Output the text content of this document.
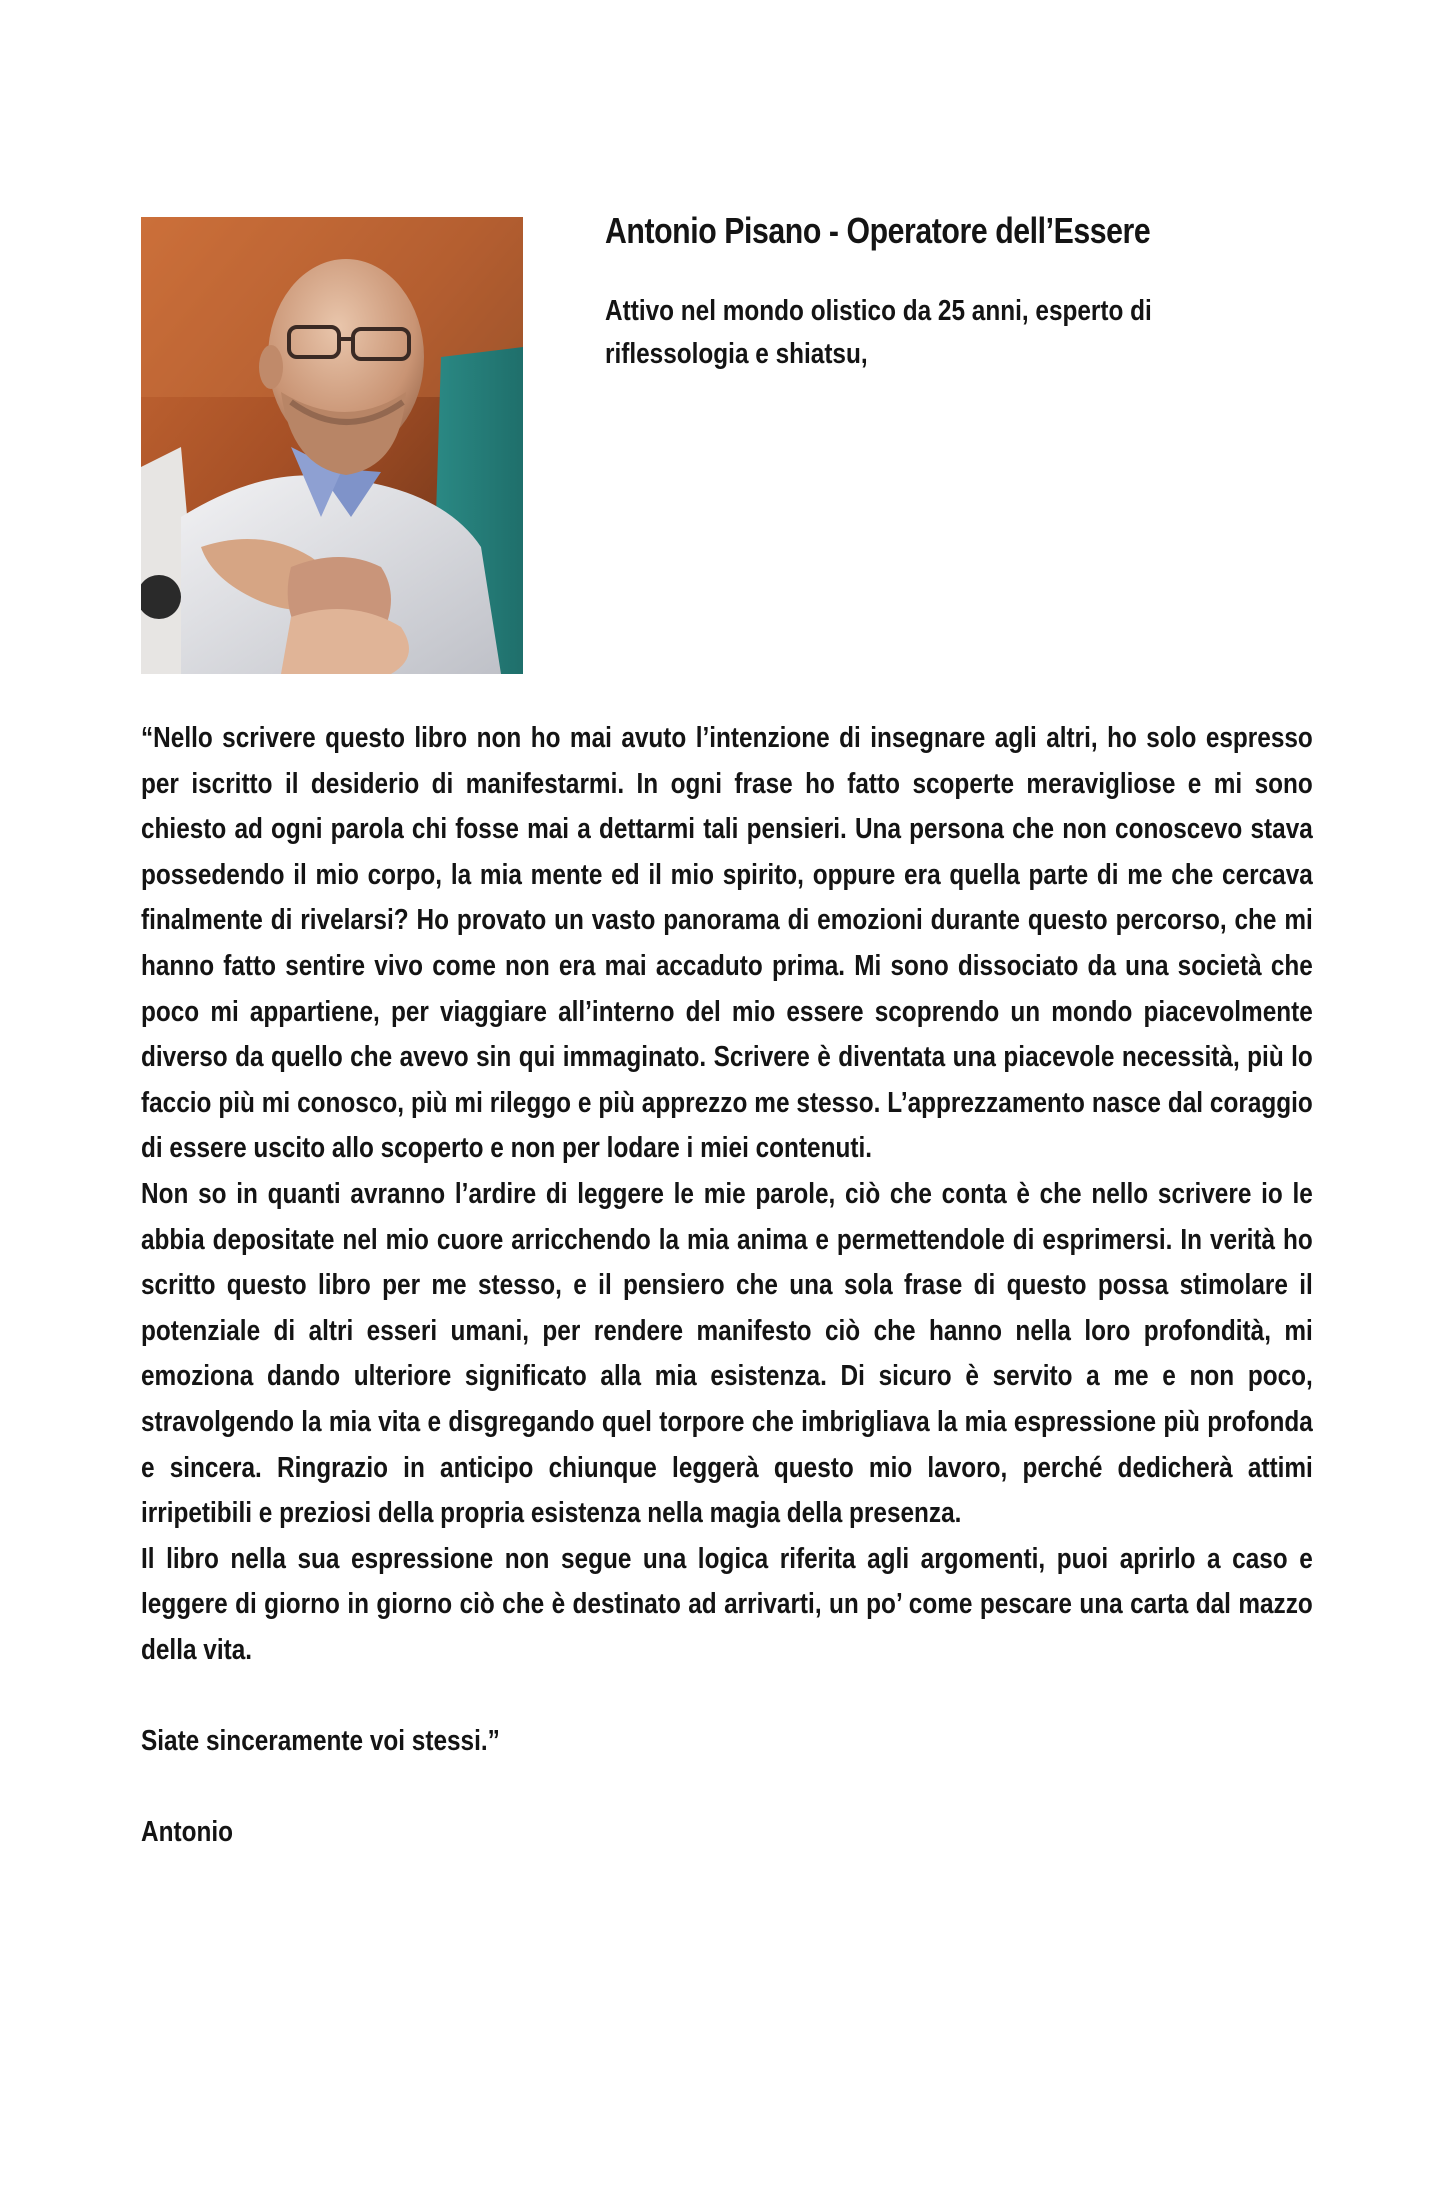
Antonio Pisano - Operatore dell’Essere

Attivo nel mondo olistico da 25 anni, esperto di riflessologia e shiatsu,

“Nello scrivere questo libro non ho mai avuto l’intenzione di insegnare agli altri, ho solo espresso per iscritto il desiderio di manifestarmi. In ogni frase ho fatto scoperte meravigliose e mi sono chiesto ad ogni parola chi fosse mai a dettarmi tali pensieri. Una persona che non conoscevo stava possedendo il mio corpo, la mia mente ed il mio spirito, oppure era quella parte di me che cercava finalmente di rivelarsi? Ho provato un vasto panorama di emozioni durante questo percorso, che mi hanno fatto sentire vivo come non era mai accaduto prima. Mi sono dissociato da una società che poco mi appartiene, per viaggiare all’interno del mio essere scoprendo un mondo piacevolmente diverso da quello che avevo sin qui immaginato. Scrivere è diventata una piacevole necessità, più lo faccio più mi conosco, più mi rileggo e più apprezzo me stesso. L’apprezzamento nasce dal coraggio di essere uscito allo scoperto e non per lodare i miei contenuti.

Non so in quanti avranno l’ardire di leggere le mie parole, ciò che conta è che nello scrivere io le abbia depositate nel mio cuore arricchendo la mia anima e permettendole di esprimersi. In verità ho scritto questo libro per me stesso, e il pensiero che una sola frase di questo possa stimolare il potenziale di altri esseri umani, per rendere manifesto ciò che hanno nella loro profondità, mi emoziona dando ulteriore significato alla mia esistenza. Di sicuro è servito a me e non poco, stravolgendo la mia vita e disgregando quel torpore che imbrigliava la mia espressione più profonda e sincera. Ringrazio in anticipo chiunque leggerà questo mio lavoro, perché dedicherà attimi irripetibili e preziosi della propria esistenza nella magia della presenza.

Il libro nella sua espressione non segue una logica riferita agli argomenti, puoi aprirlo a caso e leggere di giorno in giorno ciò che è destinato ad arrivarti, un po’ come pescare una carta dal mazzo della vita.

Siate sinceramente voi stessi.”

Antonio
